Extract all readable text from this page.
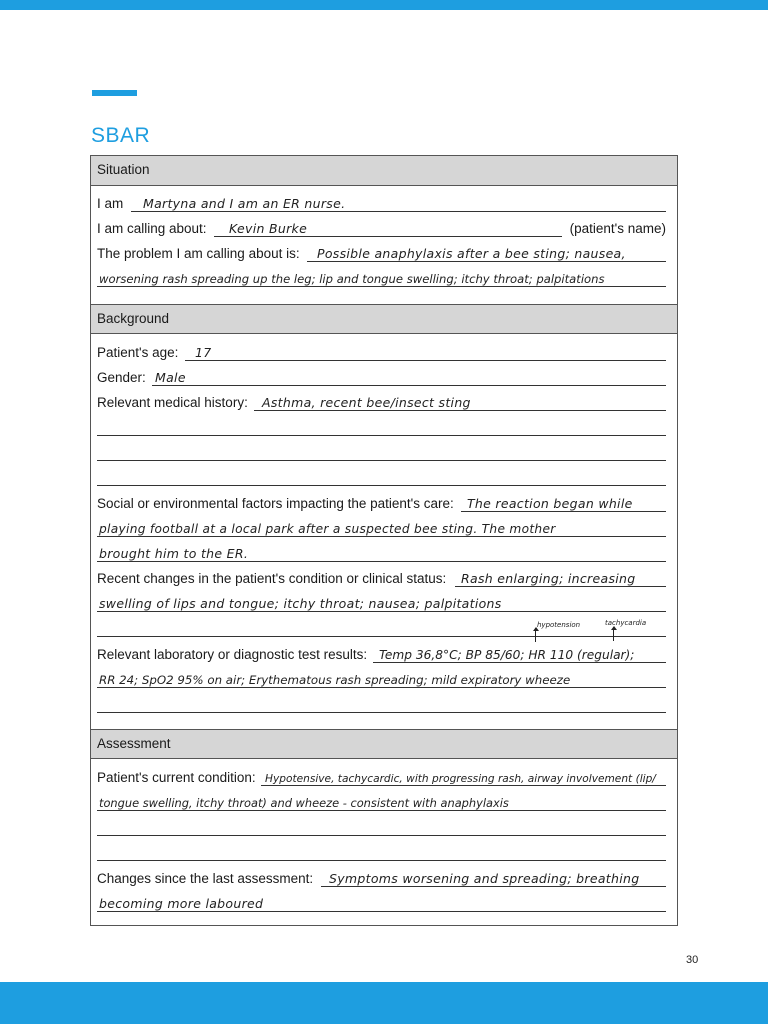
SBAR
Situation
I am Martyna and I am an ER nurse.
I am calling about: Kevin Burke	(patient's name)
The problem I am calling about is: Possible anaphylaxis after a bee sting; nausea,
worsening rash spreading up the leg; lip and tongue swelling; itchy throat; palpitations
Background
Patient's age: 17
Gender: Male
Relevant medical history: Asthma, recent bee/insect sting
Social or environmental factors impacting the patient's care: The reaction began while
playing football at a local park after a suspected bee sting. The mother
brought him to the ER.
Recent changes in the patient's condition or clinical status: Rash enlarging; increasing
swelling of lips and tongue; itchy throat; nausea; palpitations
hypotension	tachycardia
Relevant laboratory or diagnostic test results: Temp 36,8°C; BP 85/60; HR 110 (regular);
RR 24; SpO2 95% on air; Erythematous rash spreading; mild expiratory wheeze
Assessment
Patient's current condition: Hypotensive, tachycardic, with progressing rash, airway involvement (lip/
tongue swelling, itchy throat) and wheeze - consistent with anaphylaxis
Changes since the last assessment: Symptoms worsening and spreading; breathing
becoming more laboured
30
